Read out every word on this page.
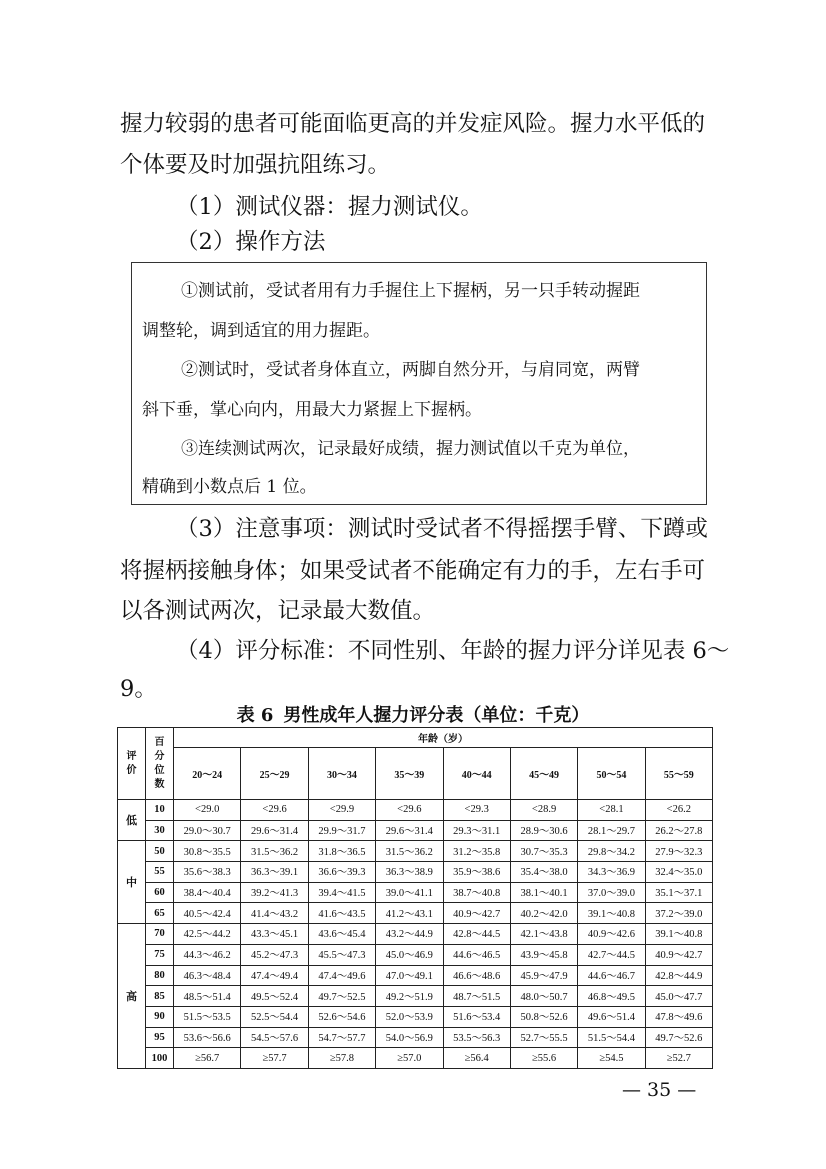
握力较弱的患者可能面临更高的并发症风险。握力水平低的
个体要及时加强抗阻练习。
（1）测试仪器：握力测试仪。
（2）操作方法
①测试前，受试者用有力手握住上下握柄，另一只手转动握距
调整轮，调到适宜的用力握距。
②测试时，受试者身体直立，两脚自然分开，与肩同宽，两臂
斜下垂，掌心向内，用最大力紧握上下握柄。
③连续测试两次，记录最好成绩，握力测试值以千克为单位，
精确到小数点后 1 位。
（3）注意事项：测试时受试者不得摇摆手臂、下蹲或
将握柄接触身体；如果受试者不能确定有力的手，左右手可
以各测试两次，记录最大数值。
（4）评分标准：不同性别、年龄的握力评分详见表 6～
9。
表 6 男性成年人握力评分表（单位：千克）
评价	百分位数	年龄（岁）							
		20～24	25～29	30～34	35～39	40～44	45～49	50～54	55～59
低	10	<29.0	<29.6	<29.9	<29.6	<29.3	<28.9	<28.1	<26.2
	30	29.0～30.7	29.6～31.4	29.9～31.7	29.6～31.4	29.3～31.1	28.9～30.6	28.1～29.7	26.2～27.8
中	50	30.8～35.5	31.5～36.2	31.8～36.5	31.5～36.2	31.2～35.8	30.7～35.3	29.8～34.2	27.9～32.3
	55	35.6～38.3	36.3～39.1	36.6～39.3	36.3～38.9	35.9～38.6	35.4～38.0	34.3～36.9	32.4～35.0
	60	38.4～40.4	39.2～41.3	39.4～41.5	39.0～41.1	38.7～40.8	38.1～40.1	37.0～39.0	35.1～37.1
	65	40.5～42.4	41.4～43.2	41.6～43.5	41.2～43.1	40.9～42.7	40.2～42.0	39.1～40.8	37.2～39.0
高	70	42.5～44.2	43.3～45.1	43.6～45.4	43.2～44.9	42.8～44.5	42.1～43.8	40.9～42.6	39.1～40.8
	75	44.3～46.2	45.2～47.3	45.5～47.3	45.0～46.9	44.6～46.5	43.9～45.8	42.7～44.5	40.9～42.7
	80	46.3～48.4	47.4～49.4	47.4～49.6	47.0～49.1	46.6～48.6	45.9～47.9	44.6～46.7	42.8～44.9
	85	48.5～51.4	49.5～52.4	49.7～52.5	49.2～51.9	48.7～51.5	48.0～50.7	46.8～49.5	45.0～47.7
	90	51.5～53.5	52.5～54.4	52.6～54.6	52.0～53.9	51.6～53.4	50.8～52.6	49.6～51.4	47.8～49.6
	95	53.6～56.6	54.5～57.6	54.7～57.7	54.0～56.9	53.5～56.3	52.7～55.5	51.5～54.4	49.7～52.6
	100	≥56.7	≥57.7	≥57.8	≥57.0	≥56.4	≥55.6	≥54.5	≥52.7
— 35 —
